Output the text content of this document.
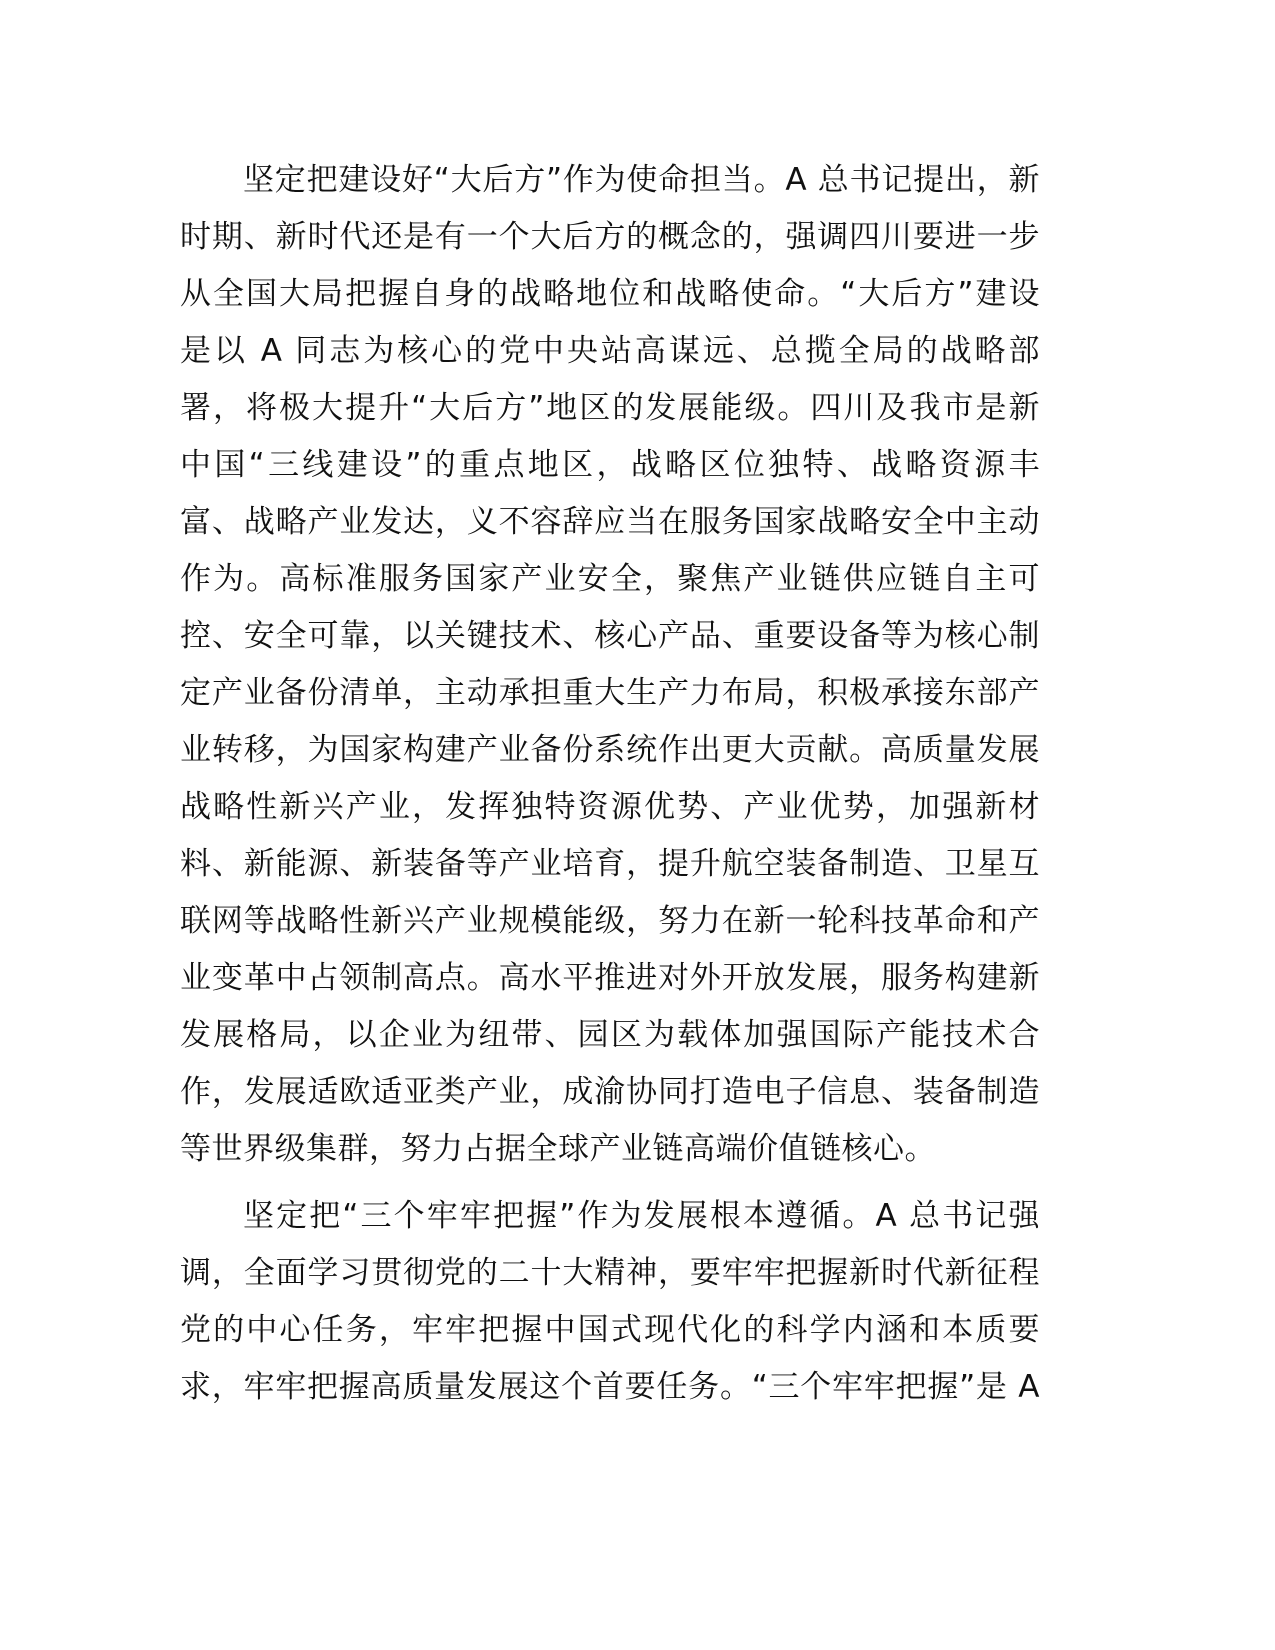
坚定把建设好“大后方”作为使命担当。A 总书记提出，新
时期、新时代还是有一个大后方的概念的，强调四川要进一步
从全国大局把握自身的战略地位和战略使命。“大后方”建设
是以 A 同志为核心的党中央站高谋远、总揽全局的战略部
署，将极大提升“大后方”地区的发展能级。四川及我市是新
中国“三线建设”的重点地区，战略区位独特、战略资源丰
富、战略产业发达，义不容辞应当在服务国家战略安全中主动
作为。高标准服务国家产业安全，聚焦产业链供应链自主可
控、安全可靠，以关键技术、核心产品、重要设备等为核心制
定产业备份清单，主动承担重大生产力布局，积极承接东部产
业转移，为国家构建产业备份系统作出更大贡献。高质量发展
战略性新兴产业，发挥独特资源优势、产业优势，加强新材
料、新能源、新装备等产业培育，提升航空装备制造、卫星互
联网等战略性新兴产业规模能级，努力在新一轮科技革命和产
业变革中占领制高点。高水平推进对外开放发展，服务构建新
发展格局，以企业为纽带、园区为载体加强国际产能技术合
作，发展适欧适亚类产业，成渝协同打造电子信息、装备制造
等世界级集群，努力占据全球产业链高端价值链核心。
坚定把“三个牢牢把握”作为发展根本遵循。A 总书记强
调，全面学习贯彻党的二十大精神，要牢牢把握新时代新征程
党的中心任务，牢牢把握中国式现代化的科学内涵和本质要
求，牢牢把握高质量发展这个首要任务。“三个牢牢把握”是 A
